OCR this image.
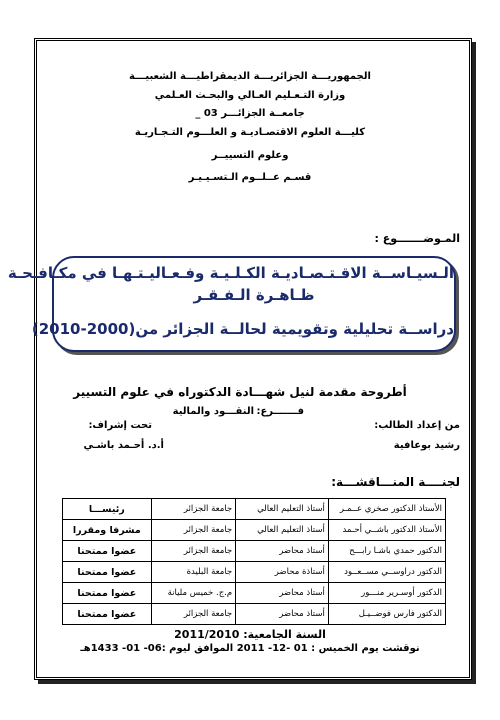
الجمهوريـــة الجزائريـــة الديمقراطيـــة الشعبيـــة
وزارة التـعـليم العـالي والبحـث العـلمي
جامعــة الجزائـــر 03 _
كليـــة العلوم الاقتصـاديـة و العلـــوم التـجـاريـة
وعلوم التسييــر
قسـم عــلــوم الـتسـيـيـر
المـوضـــــــوع :
الـسيـاســة الاقـتـصـاديـة الكـلـيـة وفـعـاليـتـهـا في مكـافـحـة
ظـاهـرة الـفـقـر
دراســة تحليلية وتقويمية لحالــة الجزائر من(2000-2010)
أطروحة مقدمة لنيل شهـــادة الدكتوراه في علوم التسيير
فـــــــرع:
النقـــود والمالية
من إعداد الطالب:
رشيد بوعافية
تحت إشراف:
أ.د. أحـمد باشـي
لجنــــة المنـــاقشـــة:
الأستاذ الدكتور صخري عــمـر	أستاذ التعليم العالي	جامعة الجزائر	رئيســـا
الأستاذ الدكتور باشــي أحـمد	أستاذ التعليم العالي	جامعة الجزائر	مشرفا ومقررا
الدكتور حمدي باشـا رابـــح	أستاذ محاضر	جامعة الجزائر	عضوا ممتحنا
الدكتور دراوســي مســعــود	أستاذة محاضر	جامعة البليدة	عضوا ممتحنا
الدكتور أوسـرير منـــور	أستاذ محاضر	م.ج. خميس مليانة	عضوا ممتحنا
الدكتور فارس فوضــيـل	أستاذ محاضر	جامعة الجزائر	عضوا ممتحنا
السنة الجامعية: 2011/2010
نوقشت يوم الخميس : 01 -12- 2011 الموافق ليوم :06- 01- 1433هـ
